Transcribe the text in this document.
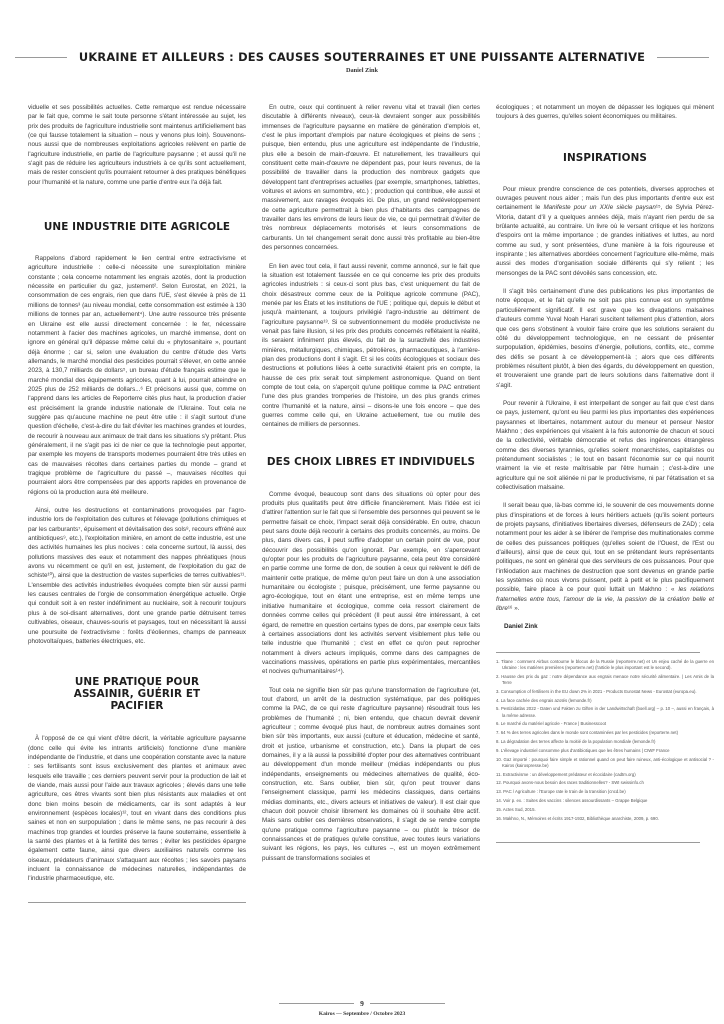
UKRAINE ET AILLEURS : DES CAUSES SOUTERRAINES ET UNE PUISSANTE ALTERNATIVE
Daniel Zink

viduelle et ses possibilités actuelles. Cette remarque est rendue nécessaire par le fait que, comme le sait toute personne s'étant intéressée au sujet, les prix des produits de l'agriculture industrielle sont maintenus artificiellement bas (ce qui fausse totalement la situation – nous y venons plus loin). Souvenons-nous aussi que de nombreuses exploitations agricoles relèvent en partie de l'agriculture industrielle, en partie de l'agriculture paysanne ; et aussi qu'il ne s'agit pas de réduire les agriculteurs industriels à ce qu'ils sont actuellement, mais de rester conscient qu'ils pourraient retourner à des pratiques bénéfiques pour l'humanité et la nature, comme une partie d'entre eux l'a déjà fait.

UNE INDUSTRIE DITE AGRICOLE

Rappelons d'abord rapidement le lien central entre extractivisme et agriculture industrielle : celle-ci nécessite une surexploitation minière constante ; cela concerne notamment les engrais azotés, dont la production nécessite en particulier du gaz, justement². Selon Eurostat, en 2021, la consommation de ces engrais, rien que dans l'UE, s'est élevée à près de 11 millions de tonnes³ (au niveau mondial, cette consommation est estimée à 130 millions de tonnes par an, actuellement⁴). Une autre ressource très présente en Ukraine est elle aussi directement concernée : le fer, nécessaire notamment à l'acier des machines agricoles, un marché immense, dont on ignore en général qu'il dépasse même celui du « phytosanitaire », pourtant déjà énorme ; car si, selon une évaluation du centre d'étude des Verts allemands, le marché mondial des pesticides pourrait s'élever, en cette année 2023, à 130,7 milliards de dollars⁵, un bureau d'étude français estime que le marché mondial des équipements agricoles, quant à lui, pourrait atteindre en 2025 plus de 252 milliards de dollars...⁶ Et précisons aussi que, comme on l'apprend dans les articles de Reporterre cités plus haut, la production d'acier est précisément la grande industrie nationale de l'Ukraine. Tout cela ne suggère pas qu'aucune machine ne peut être utile : il s'agit surtout d'une question d'échelle, c'est-à-dire du fait d'éviter les machines grandes et lourdes, de recourir à nouveau aux animaux de trait dans les situations s'y prêtant. Plus généralement, il ne s'agit pas ici de nier ce que la technologie peut apporter, par exemple les moyens de transports modernes pourraient être très utiles en cas de mauvaises récoltes dans certaines parties du monde – grand et tragique problème de l'agriculture du passé –, mauvaises récoltes qui pourraient alors être compensées par des apports rapides en provenance de régions où la production aura été meilleure.

Ainsi, outre les destructions et contaminations provoquées par l'agro-industrie lors de l'exploitation des cultures et l'élevage (pollutions chimiques et par les carburants⁷, épuisement et dévitalisation des sols⁸, recours effréné aux antibiotiques⁹, etc.), l'exploitation minière, en amont de cette industrie, est une des activités humaines les plus nocives : cela concerne surtout, là aussi, des pollutions massives des eaux et notamment des nappes phréatiques (nous avons vu récemment ce qu'il en est, justement, de l'exploitation du gaz de schiste¹⁰), ainsi que la destruction de vastes superficies de terres cultivables¹¹. L'ensemble des activités industrielles évoquées compte bien sûr aussi parmi les causes centrales de l'orgie de consommation énergétique actuelle. Orgie qui conduit soit à en rester indéfiniment au nucléaire, soit à recourir toujours plus à de soi-disant alternatives, dont une grande partie détruisent terres cultivables, oiseaux, chauves-souris et paysages, tout en nécessitant là aussi une poursuite de l'extractivisme : forêts d'éoliennes, champs de panneaux photovoltaïques, batteries électriques, etc.

UNE PRATIQUE POUR ASSAINIR, GUÉRIR ET PACIFIER

À l'opposé de ce qui vient d'être décrit, la véritable agriculture paysanne (donc celle qui évite les intrants artificiels) fonctionne d'une manière indépendante de l'industrie, et dans une coopération constante avec la nature : ses fertilisants sont issus exclusivement des plantes et animaux avec lesquels elle travaille ; ces derniers peuvent servir pour la production de lait et de viande, mais aussi pour l'aide aux travaux agricoles ; élevés dans une telle agriculture, ces êtres vivants sont bien plus résistants aux maladies et ont donc bien moins besoin de médicaments, car ils sont adaptés à leur environnement (espèces locales)¹², tout en vivant dans des conditions plus saines et non en surpopulation ; dans le même sens, ne pas recourir à des machines trop grandes et lourdes préserve la faune souterraine, essentielle à la santé des plantes et à la fertilité des terres ; éviter les pesticides épargne également cette faune, ainsi que divers auxiliaires naturels comme les oiseaux, prédateurs d'animaux s'attaquant aux récoltes ; les savoirs paysans incluent la connaissance de médecines naturelles, indépendantes de l'industrie pharmaceutique, etc.

En outre, ceux qui continuent à relier revenu vital et travail (lien certes discutable à différents niveaux), ceux-là devraient songer aux possibilités immenses de l'agriculture paysanne en matière de génération d'emplois et, c'est le plus important d'emplois par nature écologiques et pleins de sens ; puisque, bien entendu, plus une agriculture est indépendante de l'industrie, plus elle a besoin de main-d'œuvre. Et naturellement, les travailleurs qui constituent cette main-d'œuvre ne dépendent pas, pour leurs revenus, de la possibilité de travailler dans la production des nombreux gadgets que développent tant d'entreprises actuelles (par exemple, smartphones, tablettes, voitures et avions en surnombre, etc.) ; production qui contribue, elle aussi et massivement, aux ravages évoqués ici. De plus, un grand redéveloppement de cette agriculture permettrait à bien plus d'habitants des campagnes de travailler dans les environs de leurs lieux de vie, ce qui permettrait d'éviter de très nombreux déplacements motorisés et leurs consommations de carburants. Un tel changement serait donc aussi très profitable au bien-être des personnes concernées.

En lien avec tout cela, il faut aussi revenir, comme annoncé, sur le fait que la situation est totalement faussée en ce qui concerne les prix des produits agricoles industriels : si ceux-ci sont plus bas, c'est uniquement du fait de choix désastreux comme ceux de la Politique agricole commune (PAC), menée par les États et les institutions de l'UE ; politique qui, depuis le début et jusqu'à maintenant, a toujours privilégié l'agro-industrie au détriment de l'agriculture paysanne¹³. Si ce subventionnement du modèle productiviste ne venait pas faire illusion, si les prix des produits concernés reflétaient la réalité, ils seraient infiniment plus élevés, du fait de la suractivité des industries minières, métallurgiques, chimiques, pétrolières, pharmaceutiques, à l'arrière-plan des productions dont il s'agit. Et si les coûts écologiques et sociaux des destructions et pollutions liées à cette suractivité étaient pris en compte, la hausse de ces prix serait tout simplement astronomique. Quand on tient compte de tout cela, on s'aperçoit qu'une politique comme la PAC entretient l'une des plus grandes tromperies de l'histoire, un des plus grands crimes contre l'humanité et la nature, ainsi – disons-le une fois encore – que des guerres comme celle qui, en Ukraine actuellement, tue ou mutile des centaines de milliers de personnes.

DES CHOIX LIBRES ET INDIVIDUELS

Comme évoqué, beaucoup sont dans des situations où opter pour des produits plus qualitatifs peut être difficile financièrement. Mais l'idée est ici d'attirer l'attention sur le fait que si l'ensemble des personnes qui peuvent se le permettre faisait ce choix, l'impact serait déjà considérable. En outre, chacun peut sans doute déjà recourir à certains des produits concernés, au moins. De plus, dans divers cas, il peut suffire d'adopter un certain point de vue, pour découvrir des possibilités qu'on ignorait. Par exemple, en s'apercevant qu'opter pour les produits de l'agriculture paysanne, cela peut être considéré en partie comme une forme de don, de soutien à ceux qui relèvent le défi de maintenir cette pratique, de même qu'on peut faire un don à une association humanitaire ou écologiste ; puisque, précisément, une ferme paysanne ou agro-écologique, tout en étant une entreprise, est en même temps une initiative humanitaire et écologique, comme cela ressort clairement de données comme celles qui précèdent (Il peut aussi être intéressant, à cet égard, de remettre en question certains types de dons, par exemple ceux faits à certaines associations dont les activités servent visiblement plus telle ou telle industrie que l'humanité ; c'est en effet ce qu'on peut reprocher notamment à divers acteurs impliqués, comme dans des campagnes de vaccinations massives, opérations en partie plus expérimentales, mercantiles et nocives qu'humanitaires¹⁴).

Tout cela ne signifie bien sûr pas qu'une transformation de l'agriculture (et, tout d'abord, un arrêt de la destruction systématique, par des politiques comme la PAC, de ce qui reste d'agriculture paysanne) résoudrait tous les problèmes de l'humanité ; ni, bien entendu, que chacun devrait devenir agriculteur ; comme évoqué plus haut, de nombreux autres domaines sont bien sûr très importants, eux aussi (culture et éducation, médecine et santé, droit et justice, urbanisme et construction, etc.). Dans la plupart de ces domaines, il y a là aussi la possibilité d'opter pour des alternatives contribuant au développement d'un monde meilleur (médias indépendants ou plus indépendants, enseignements ou médecines alternatives de qualité, éco-construction, etc. Sans oublier, bien sûr, qu'on peut trouver dans l'enseignement classique, parmi les médecins classiques, dans certains médias dominants, etc., divers acteurs et initiatives de valeur). Il est clair que chacun doit pouvoir choisir librement les domaines où il souhaite être actif. Mais sans oublier ces dernières observations, il s'agit de se rendre compte qu'une pratique comme l'agriculture paysanne – ou plutôt le trésor de connaissances et de pratiques qu'elle constitue, avec toutes leurs variations suivant les régions, les pays, les cultures –, est un moyen extrêmement puissant de transformations sociales et

écologiques ; et notamment un moyen de dépasser les logiques qui mènent toujours à des guerres, qu'elles soient économiques ou militaires.

INSPIRATIONS

Pour mieux prendre conscience de ces potentiels, diverses approches et ouvrages peuvent nous aider ; mais l'un des plus importants d'entre eux est certainement le Manifeste pour un XXIe siècle paysan¹⁵, de Sylvia Pérez-Vitoria, datant d'il y a quelques années déjà, mais n'ayant rien perdu de sa brûlante actualité, au contraire. Un livre où le versant critique et les horizons d'espoirs ont la même importance ; de grandes initiatives et luttes, au nord comme au sud, y sont présentées, d'une manière à la fois rigoureuse et inspirante ; les alternatives abordées concernent l'agriculture elle-même, mais aussi des modes d'organisation sociale différents qui s'y relient ; les mensonges de la PAC sont dévoilés sans concession, etc.

Il s'agit très certainement d'une des publications les plus importantes de notre époque, et le fait qu'elle ne soit pas plus connue est un symptôme particulièrement significatif. Il est grave que les divagations malsaines d'auteurs comme Yuval Noah Harari suscitent tellement plus d'attention, alors que ces gens s'obstinent à vouloir faire croire que les solutions seraient du côté du développement technologique, en ne cessant de présenter surpopulation, épidémies, besoins d'énergie, pollutions, conflits, etc., comme des défis se posant à ce développement-là ; alors que ces différents problèmes résultent plutôt, à bien des égards, du développement en question, et trouveraient une grande part de leurs solutions dans l'alternative dont il s'agit.

Pour revenir à l'Ukraine, il est interpellant de songer au fait que c'est dans ce pays, justement, qu'ont eu lieu parmi les plus importantes des expériences paysannes et libertaires, notamment autour du meneur et penseur Nestor Makhno ; des expériences qui visaient à la fois autonomie de chacun et souci de la collectivité, véritable démocratie et refus des ingérences étrangères comme des diverses tyrannies, qu'elles soient monarchistes, capitalistes ou prétendument socialistes ; le tout en basant l'économie sur ce qui nourrit vraiment la vie et reste maîtrisable par l'être humain ; c'est-à-dire une agriculture qui ne soit aliénée ni par le productivisme, ni par l'étatisation et sa collectivisation malsaine.

Il serait beau que, là-bas comme ici, le souvenir de ces mouvements donne plus d'inspirations et de forces à leurs héritiers actuels (qu'ils soient porteurs de projets paysans, d'initiatives libertaires diverses, défenseurs de ZAD) ; cela notamment pour les aider à se libérer de l'emprise des multinationales comme de celles des puissances politiques (qu'elles soient de l'Ouest, de l'Est ou d'ailleurs), ainsi que de ceux qui, tout en se prétendant leurs représentants politiques, ne sont en général que des serviteurs de ces puissances. Pour que l'inféodation aux machines de destruction que sont devenus en grande partie les systèmes où nous vivons puissent, petit à petit et le plus pacifiquement possible, faire place à ce pour quoi luttait un Makhno : « les relations fraternelles entre tous, l'amour de la vie, la passion de la création belle et libre¹⁶ ».

Daniel Zink
1. Titane : comment Airbus contourne le blocus de la Russie (reporterre.net) et Un enjeu caché de la guerre en Ukraine : les matières premières (reporterre.net) (l'article le plus important est le second).
2. Hausse des prix du gaz : notre dépendance aux engrais menace notre sécurité alimentaire. | Les Amis de la Terre
3. Consumption of fertilisers in the EU down 2% in 2021 - Products Eurostat News - Eurostat (europa.eu).
4. La face cachée des engrais azotés (lemonde.fr)
5. Pestizidatlas 2022 - Daten und Fakten zu Giften in der Landwirtschaft (boell.org) – p. 10 –, aussi en français, à la même adresse.
6. Le marché du matériel agricole - France | Businesscoot
7. 64 % des terres agricoles dans le monde sont contaminées par les pesticides (reporterre.net)
8. La dégradation des terres affecte la moitié de la population mondiale (lemonde.fr)
9. L'élevage industriel consomme plus d'antibiotiques que les êtres humains | CIWF France
10. Gaz importé : pourquoi faire simple et rationnel quand on peut faire ruineux, anti-écologique et antisocial ? - Kairos (kairospresse.be)
11. Extractivisme : un développement prédateur et écocidaire (cadtm.org)
12. Pourquoi avons-nous besoin des races traditionnelles? - SWI swissinfo.ch
13. PAC / Agriculture : l'Europe rate le train de la transition (cncd.be)
14. Voir p. ex. : Suites des vaccins : silences assourdissants – Grappe Belgique
15. Actes Sud, 2015.
16. Makhno, N., Mémoires et écrits 1917-1932, Bibliothèque anarchiste, 2009, p. 690.
9
Kairos — Septembre / Octobre 2023
